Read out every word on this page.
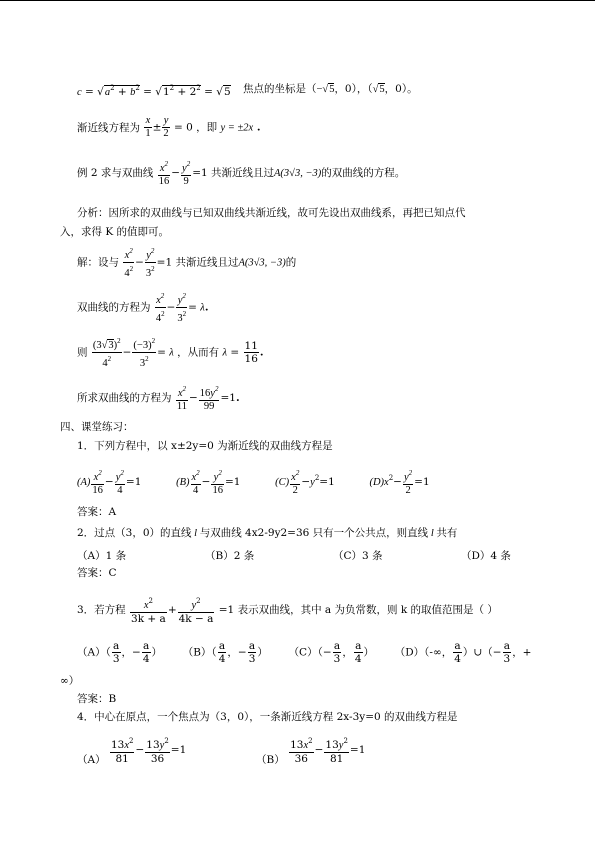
$c = √a^2 + b^2 = √1^2 + 2^2 = √5$ 焦点的坐标是（−√5，0），（√5，0）。
渐近线方程为 $\frac{x}{1} \pm \frac{y}{2} = 0$ ，即 y = ±2x .
例 2 求与双曲线 $\frac{x^2}{16} - \frac{y^2}{9} =1$ 共渐近线且过A(3√3, −3)的双曲线的方程。
分析：因所求的双曲线与已知双曲线共渐近线，故可先设出双曲线系，再把已知点代
入，求得 K 的值即可。
解：设与 $\frac{x^2}{4^2} - \frac{y^2}{3^2} =1$ 共渐近线且过A(3√3, −3)的
双曲线的方程为 $\frac{x^2}{4^2} - \frac{y^2}{3^2} = \lambda$.
则 $\frac{(3√3)^2}{4^2} - \frac{(-3)^2}{3^2} = \lambda$ ，从而有 $\lambda = \frac{11}{16}$ .
所求双曲线的方程为 $\frac{x^2}{11} - \frac{16y^2}{99} =1$.
四、课堂练习：
1．下列方程中，以 x±2y=0 为渐近线的双曲线方程是
$(A) \frac{x^2}{16} - \frac{y^2}{4} =1$	$(B) \frac{x^2}{4} - \frac{y^2}{16} =1$	$(C) \frac{x^2}{2} -y^2=1$	$(D)x^2- \frac{y^2}{2} =1$
答案：A
2．过点（3，0）的直线 l 与双曲线 4x2-9y2=36 只有一个公共点，则直线 l 共有
（A）1 条	（B）2 条	（C）3 条	（D）4 条
答案：C
3．若方程 $\frac{x^2}{3k + a} + \frac{y^2}{4k - a} =1$ 表示双曲线，其中 a 为负常数，则 k 的取值范围是（ ）
$(A)( \frac{a}{3}$ ，− $\frac{a}{4}$ ）  $(B)( \frac{a}{4}$ ，− $\frac{a}{3}$ ）  $(C)(- \frac{a}{3}$ ， $\frac{a}{4}$ ）  （D）（-∞， $\frac{a}{4}$ ）∪（− $\frac{a}{3}$ ，+
∞）
答案：B
4．中心在原点，一个焦点为（3，0），一条渐近线方程 2x-3y=0 的双曲线方程是
$(A) \frac{13x^2}{81} - \frac{13y^2}{36} =1$
$(B) \frac{13x^2}{36} - \frac{13y^2}{81} =1$
